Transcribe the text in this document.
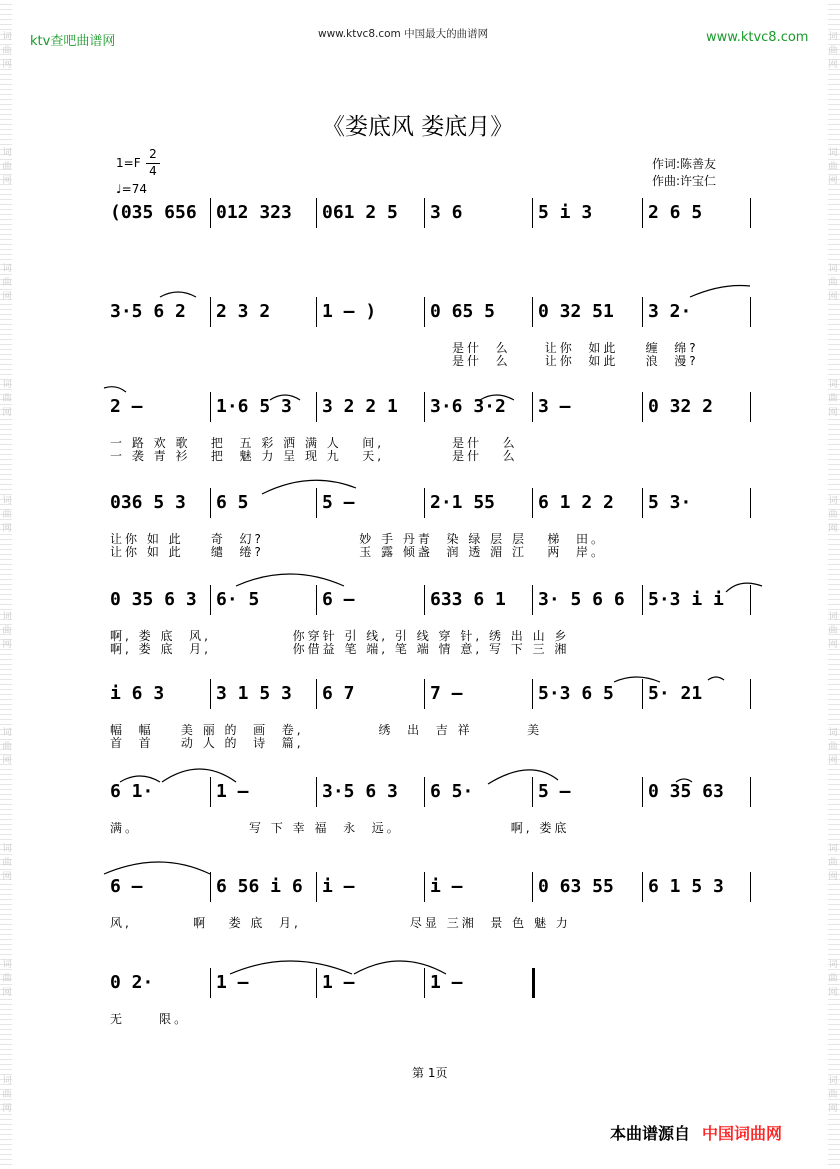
词曲网
词曲网
词曲网
词曲网
词曲网
词曲网
词曲网
词曲网
词曲网
词曲网
词曲网
词曲网
词曲网
词曲网
词曲网
词曲网
词曲网
词曲网
词曲网
词曲网
ktv查吧曲谱网	www.ktvc8.com 中国最大的曲谱网	www.ktvc8.com
《娄底风 娄底月》
1=F
2
4
♩=74
作词:陈善友
作曲:许宝仁
(035 656 012 323 061 2 5 3 6	5 i 3	2 6 5
3·5 6 2 2 3 2	1 – )	0 65 5 0 32 51 3 2·
是什  么     让你  如此    缠  绵?
是什  么     让你  如此    浪  漫?
2 –	1·6 5 3 3 2 2 1 3·6 3·2 3 –	0 32 2
一 路 欢 歌   把  五 彩 洒 满 人   间,          是什   么
一 袭 青 衫   把  魅 力 呈 现 九   天,          是什   么
036 5 3 6 5	5 –	2·1 55 6 1 2 2 5 3·
让你 如 此    奇  幻?              妙 手 丹青  染 绿 层 层   梯  田。
让你 如 此    缱  绻?              玉 露 倾盏  润 透 湄 江   两  岸。
0 35 6 3 6· 5	6 –	633 6 1 3· 5 6 6 5·3 i i
啊, 娄 底  风,            你穿针 引 线, 引 线 穿 针, 绣 出 山 乡
啊, 娄 底  月,            你借益 笔 端, 笔 端 情 意, 写 下 三 湘
i 6 3	3 1 5 3 6 7	7 –	5·3 6 5 5· 21
幅  幅    美 丽 的  画  卷,           绣  出  吉 祥        美
首  首    动 人 的  诗  篇,
6 1·	1 –	3·5 6 3 6 5·	5 –	0 35 63
满。                写 下 幸 福  永  远。                啊, 娄底
6 –	6 56 i 6 i –	i –	0 63 55 6 1 5 3
风,         啊   娄 底  月,                尽显 三湘  景 色 魅 力
0 2·	1 –	1 –	1 –
无     限。
第 1页
本曲谱源自 中国词曲网
